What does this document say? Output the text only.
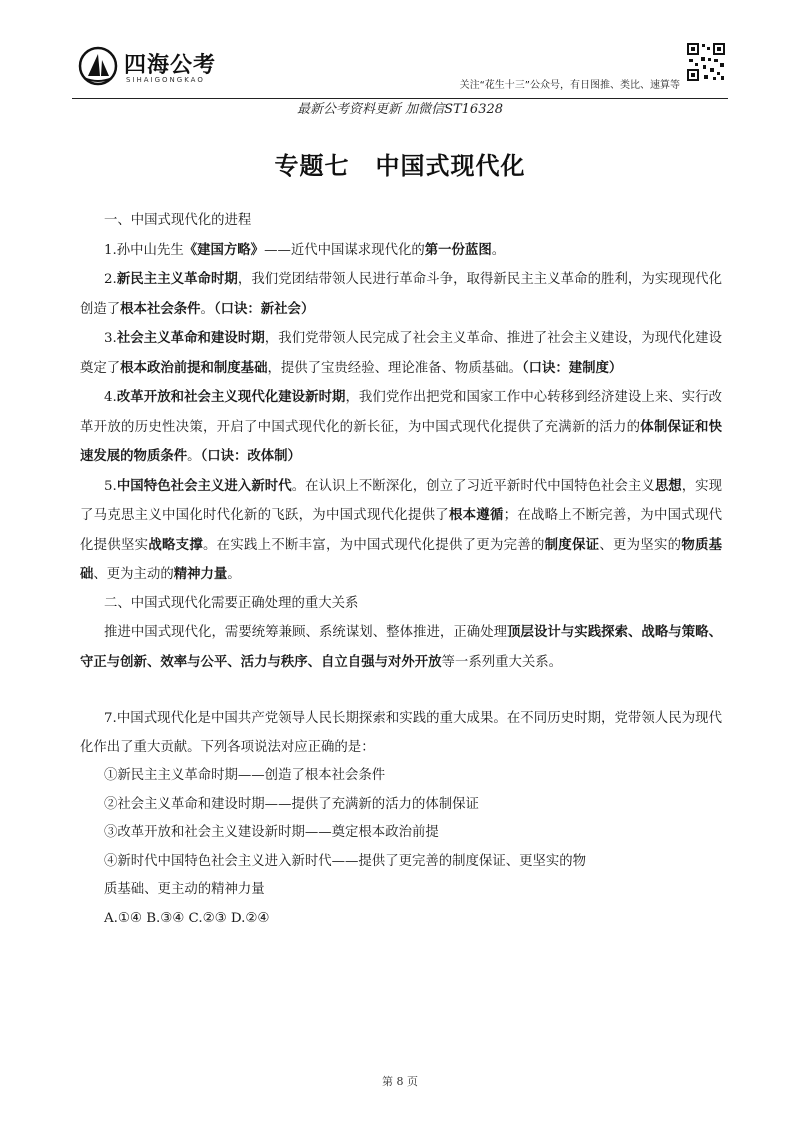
四海公考
SIHAIGONGKAO	关注“花生十三”公众号，有日图推、类比、速算等
最新公考资料更新 加微信ST16328
专题七 中国式现代化

一、中国式现代化的进程

1.孙中山先生《建国方略》——近代中国谋求现代化的第一份蓝图。

2.新民主主义革命时期，我们党团结带领人民进行革命斗争，取得新民主主义革命的胜利，为实现现代化创造了根本社会条件。（口诀：新社会）

3.社会主义革命和建设时期，我们党带领人民完成了社会主义革命、推进了社会主义建设，为现代化建设奠定了根本政治前提和制度基础，提供了宝贵经验、理论准备、物质基础。（口诀：建制度）

4.改革开放和社会主义现代化建设新时期，我们党作出把党和国家工作中心转移到经济建设上来、实行改革开放的历史性决策，开启了中国式现代化的新长征，为中国式现代化提供了充满新的活力的体制保证和快速发展的物质条件。（口诀：改体制）

5.中国特色社会主义进入新时代。在认识上不断深化，创立了习近平新时代中国特色社会主义思想，实现了马克思主义中国化时代化新的飞跃，为中国式现代化提供了根本遵循；在战略上不断完善，为中国式现代化提供坚实战略支撑。在实践上不断丰富，为中国式现代化提供了更为完善的制度保证、更为坚实的物质基础、更为主动的精神力量。

二、中国式现代化需要正确处理的重大关系

推进中国式现代化，需要统筹兼顾、系统谋划、整体推进，正确处理顶层设计与实践探索、战略与策略、守正与创新、效率与公平、活力与秩序、自立自强与对外开放等一系列重大关系。

7.中国式现代化是中国共产党领导人民长期探索和实践的重大成果。在不同历史时期，党带领人民为现代化作出了重大贡献。下列各项说法对应正确的是：

①新民主主义革命时期——创造了根本社会条件

②社会主义革命和建设时期——提供了充满新的活力的体制保证

③改革开放和社会主义建设新时期——奠定根本政治前提

④新时代中国特色社会主义进入新时代——提供了更完善的制度保证、更坚实的物

质基础、更主动的精神力量

A.①④ B.③④ C.②③ D.②④

第 8 页
